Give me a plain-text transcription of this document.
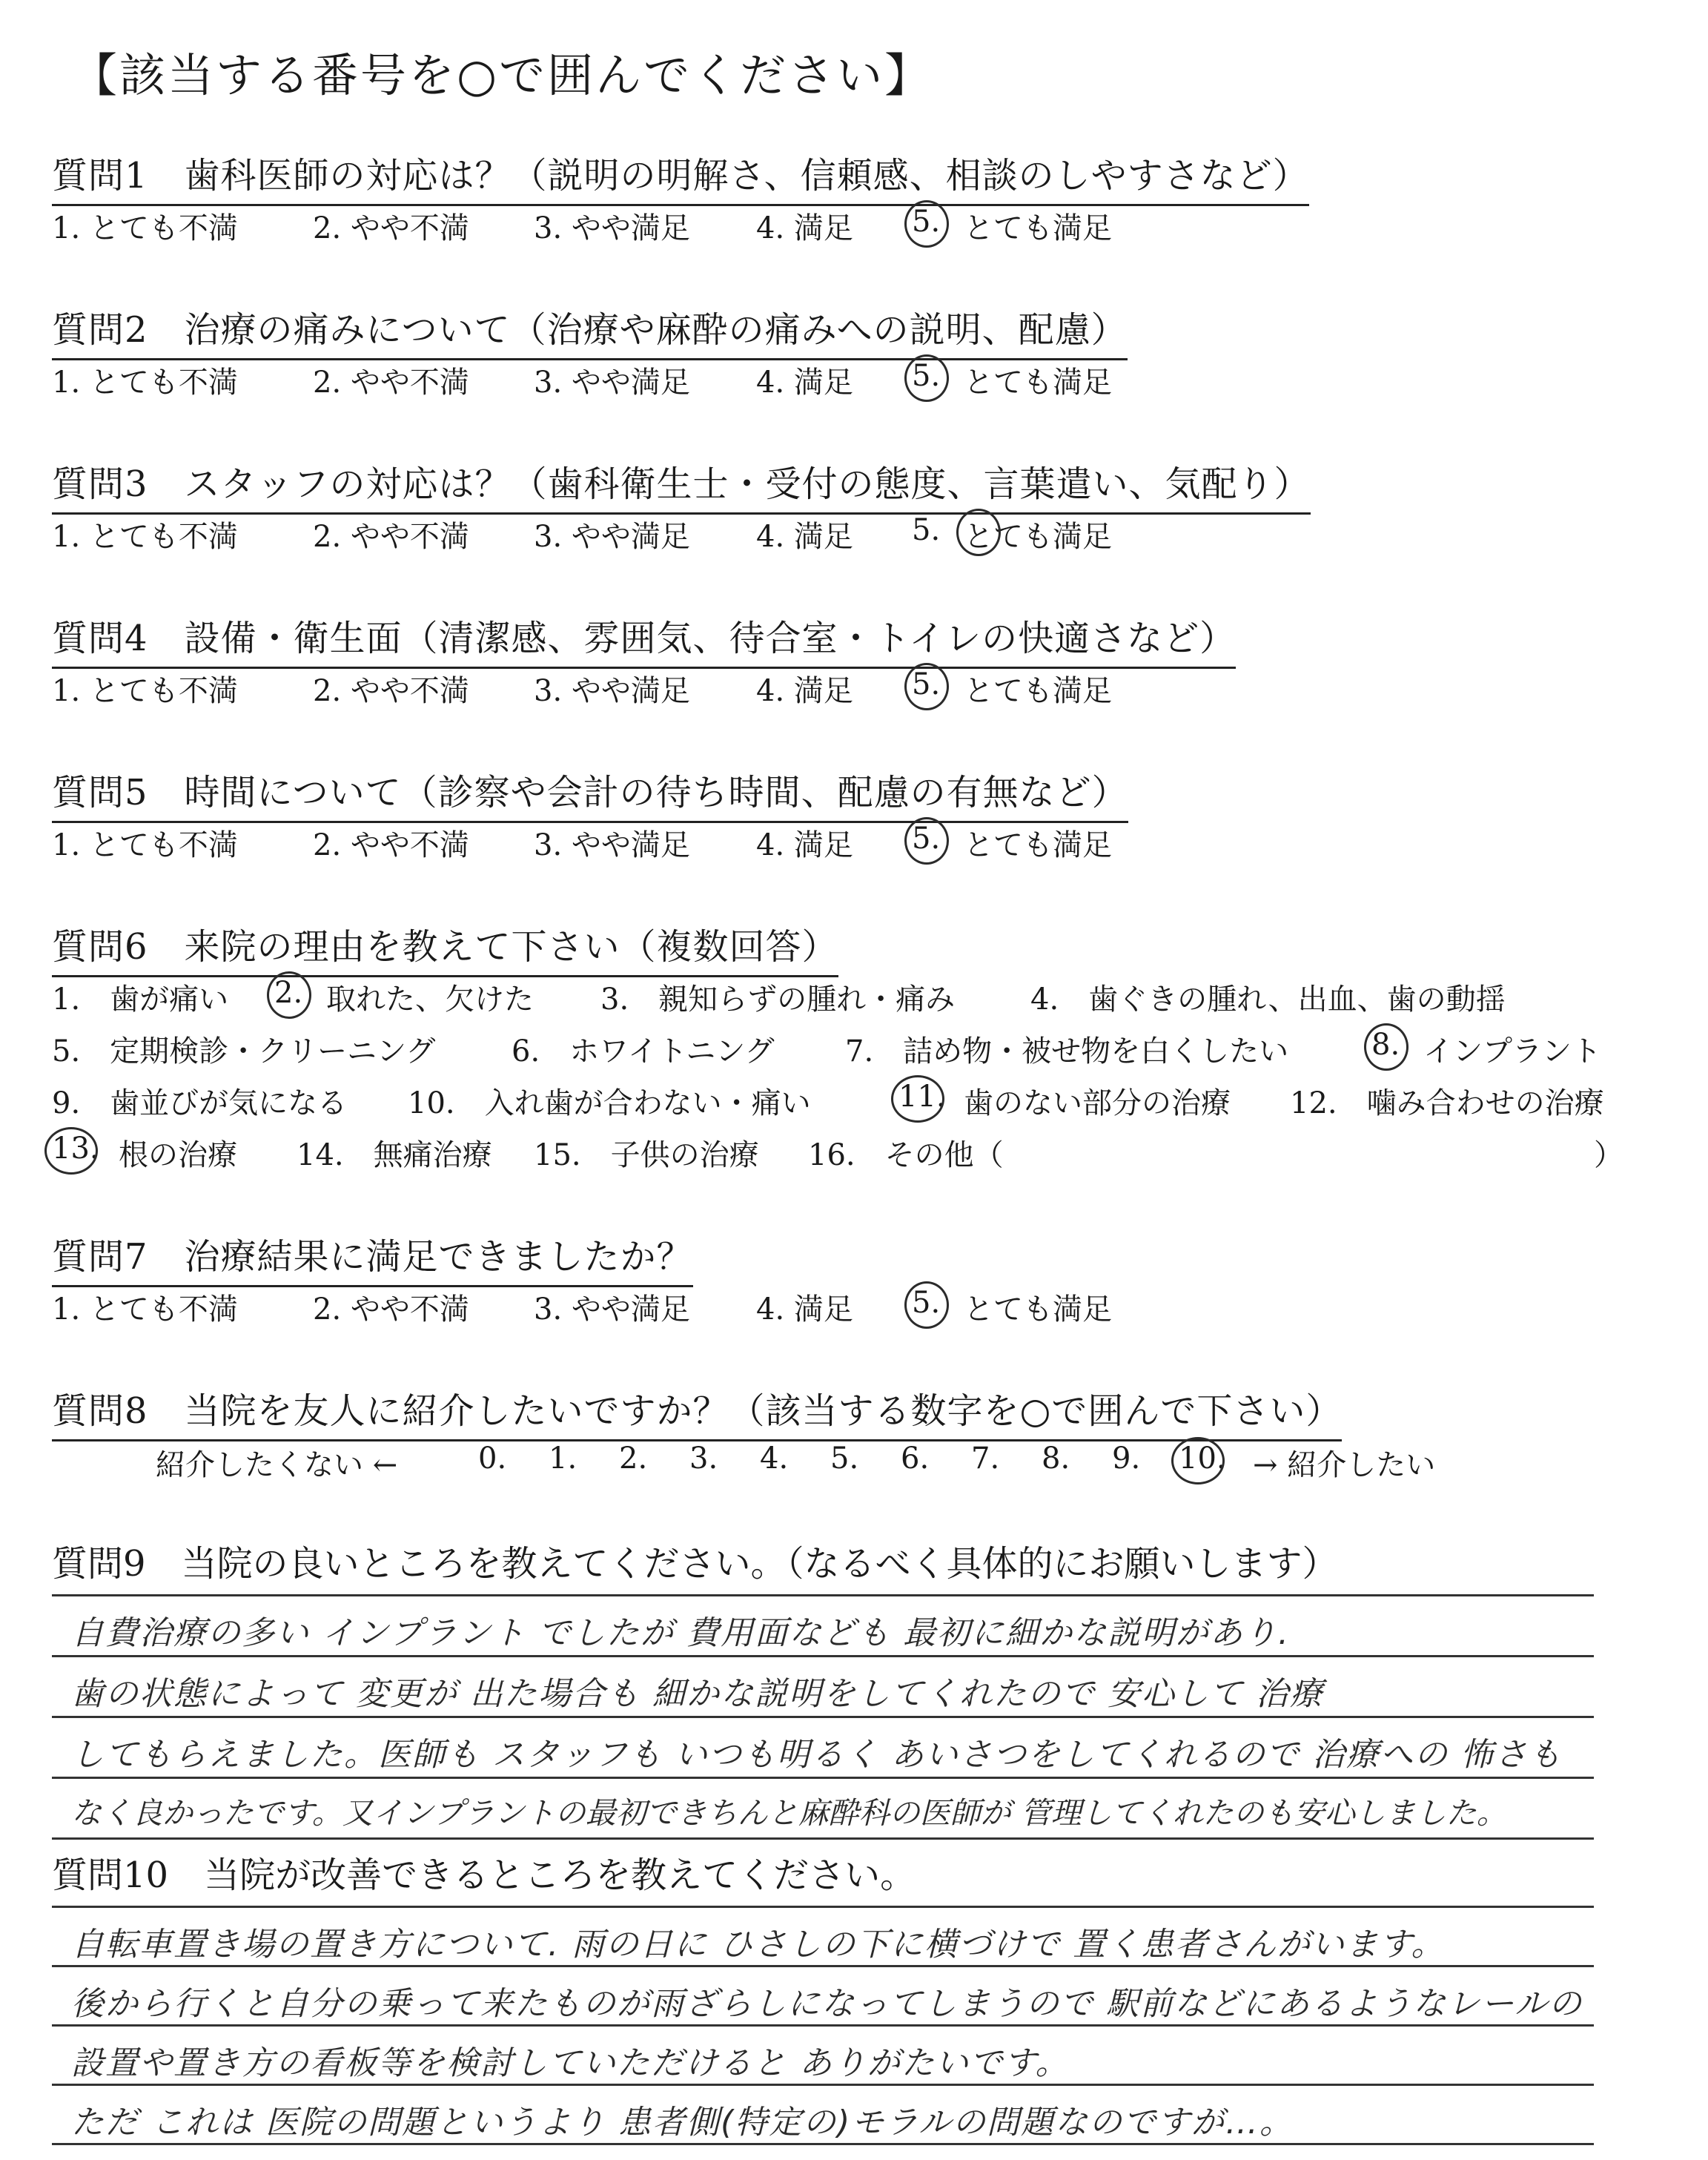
【該当する番号を○で囲んでください】
質問1　歯科医師の対応は？（説明の明解さ、信頼感、相談のしやすさなど）
1. とても不満	2. やや不満 3. やや満足 4. 満足 5. とても満足
質問2　治療の痛みについて（治療や麻酔の痛みへの説明、配慮）
1. とても不満	2. やや不満 3. やや満足 4. 満足 5. とても満足
質問3　スタッフの対応は？（歯科衛生士・受付の態度、言葉遣い、気配り）
1. とても不満	2. やや不満 3. やや満足 4. 満足 5. とても満足
質問4　設備・衛生面（清潔感、雰囲気、待合室・トイレの快適さなど）
1. とても不満	2. やや不満 3. やや満足 4. 満足 5. とても満足
質問5　時間について（診察や会計の待ち時間、配慮の有無など）
1. とても不満	2. やや不満 3. やや満足 4. 満足 5. とても満足
質問6　来院の理由を教えて下さい（複数回答）
1.　歯が痛い 2. 取れた、欠けた 3.　親知らずの腫れ・痛み	4.　歯ぐきの腫れ、出血、歯の動揺
5.　定期検診・クリーニング	6.　ホワイトニング 7.　詰め物・被せ物を白くしたい	8. インプラント
9.　歯並びが気になる 10.　入れ歯が合わない・痛い	11. 歯のない部分の治療 12.　噛み合わせの治療
13. 根の治療 14.　無痛治療 15.　子供の治療 16.　その他（	）
質問7　治療結果に満足できましたか？
1. とても不満	2. やや不満 3. やや満足 4. 満足 5. とても満足
質問8　当院を友人に紹介したいですか？（該当する数字を○で囲んで下さい）
紹介したくない ←	0. 1. 2. 3. 4. 5. 6. 7. 8. 9. 10. → 紹介したい
質問9　当院の良いところを教えてください。（なるべく具体的にお願いします）
自費治療の多い インプラント でしたが 費用面なども 最初に細かな説明があり.
歯の状態によって 変更が 出た場合も 細かな説明をしてくれたので 安心して 治療
してもらえました。医師も スタッフも いつも明るく あいさつをしてくれるので 治療への 怖さも
なく良かったです。又インプラントの最初できちんと麻酔科の医師が 管理してくれたのも安心しました。
質問10　当院が改善できるところを教えてください。
自転車置き場の置き方について. 雨の日に ひさしの下に横づけで 置く患者さんがいます。
後から行くと自分の乗って来たものが雨ざらしになってしまうので 駅前などにあるようなレールの
設置や置き方の看板等を検討していただけると ありがたいです。
ただ これは 医院の問題というより 患者側(特定の)モラルの問題なのですが…。
